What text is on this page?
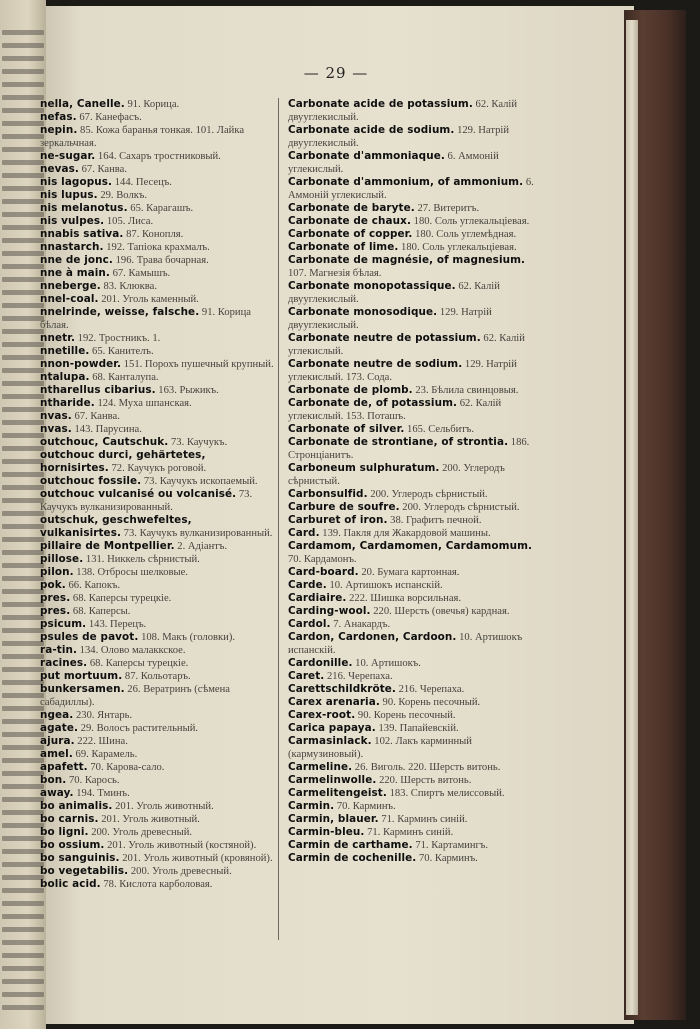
— 29 —
nella, Canelle. 91. Корица.
nefas. 67. Канефасъ.
nepin. 85. Кожа баранья тонкая. 101. Лайка зеркальчная.
ne-sugar. 164. Сахаръ тростниковый.
nevas. 67. Канва.
nis lagopus. 144. Песецъ.
nis lupus. 29. Волкъ.
nis melanotus. 65. Карагашъ.
nis vulpes. 105. Лиса.
nnabis sativa. 87. Конопля.
nnastarch. 192. Тапіока крахмалъ.
nne de jonc. 196. Трава бочарная.
nne à main. 67. Камышъ.
nneberge. 83. Клюква.
nnel-coal. 201. Уголь каменный.
nnelrinde, weisse, falsche. 91. Корица бѣлая.
nnetr. 192. Тростникъ. 1.
nnetille. 65. Канителъ.
nnon-powder. 151. Порохъ пушечный крупный.
ntalupa. 68. Канталупа.
ntharellus cibarius. 163. Рыжикъ.
ntharide. 124. Муха шпанская.
nvas. 67. Канва.
nvas. 143. Парусина.
outchouc, Cautschuk. 73. Каучукъ.
outchouc durci, gehärtetes, hornisirtes. 72. Каучукъ роговой.
outchouc fossile. 73. Каучукъ ископаемый.
outchouc vulcanisé ou volcanisé. 73. Каучукъ вулканизированный.
outschuk, geschwefeltes, vulkanisirtes. 73. Каучукъ вулканизированный.
pillaire de Montpellier. 2. Адіантъ.
pillose. 131. Никкель сѣрнистый.
pilon. 138. Отбросы шелковые.
pok. 66. Капокъ.
pres. 68. Каперсы турецкіе.
pres. 68. Каперсы.
psicum. 143. Перецъ.
psules de pavot. 108. Макъ (головки).
ra-tin. 134. Олово малаккское.
racines. 68. Каперсы турецкіе.
put mortuum. 87. Кольотаръ.
bunkersamen. 26. Вератринъ (сѣмена сабадиллы).
ngea. 230. Янтарь.
agate. 29. Волосъ растительный.
ajura. 222. Шина.
amel. 69. Карамель.
apafett. 70. Карова-сало.
bon. 70. Карось.
away. 194. Тминъ.
bo animalis. 201. Уголь животный.
bo carnis. 201. Уголь животный.
bo ligni. 200. Уголь древесный.
bo ossium. 201. Уголь животный (костяной).
bo sanguinis. 201. Уголь животный (кровяной).
bo vegetabilis. 200. Уголь древесный.
bolic acid. 78. Кислота карболовая.
Carbonate acide de potassium. 62. Калій двууглекислый.
Carbonate acide de sodium. 129. Натрій двууглекислый.
Carbonate d'ammoniaque. 6. Аммоній углекислый.
Carbonate d'ammonium, of ammonium. 6. Аммоній углекислый.
Carbonate de baryte. 27. Витеритъ.
Carbonate de chaux. 180. Соль углекальціевая.
Carbonate of copper. 180. Соль углемѣдная.
Carbonate of lime. 180. Соль углекальціевая.
Carbonate de magnésie, of magnesium. 107. Магнезія бѣлая.
Carbonate monopotassique. 62. Калій двууглекислый.
Carbonate monosodique. 129. Натрій двууглекислый.
Carbonate neutre de potassium. 62. Калій углекислый.
Carbonate neutre de sodium. 129. Натрій углекислый. 173. Сода.
Carbonate de plomb. 23. Бѣлила свинцовыя.
Carbonate de, of potassium. 62. Калій углекислый. 153. Поташъ.
Carbonate of silver. 165. Сельбитъ.
Carbonate de strontiane, of strontia. 186. Стронціанитъ.
Carboneum sulphuratum. 200. Углеродъ сѣрнистый.
Carbonsulfid. 200. Углеродъ сѣрнистый.
Carbure de soufre. 200. Углеродъ сѣрнистый.
Carburet of iron. 38. Графитъ печной.
Card. 139. Пакля для Жакардовой машины.
Cardamom, Cardamomen, Cardamomum. 70. Кардамонъ.
Card-board. 20. Бумага картонная.
Carde. 10. Артишокъ испанскій.
Cardiaire. 222. Шишка ворсильная.
Carding-wool. 220. Шерсть (овечья) кардная.
Cardol. 7. Анакардъ.
Cardon, Cardonen, Cardoon. 10. Артишокъ испанскій.
Cardonille. 10. Артишокъ.
Caret. 216. Черепаха.
Carettschildkröte. 216. Черепаха.
Carex arenaria. 90. Корень песочный.
Carex-root. 90. Корень песочный.
Carica papaya. 139. Папайевскій.
Carmasinlack. 102. Лакъ карминный (кармузиновый).
Carmeline. 26. Виголь. 220. Шерсть витонь.
Carmelinwolle. 220. Шерсть витонь.
Carmelitengeist. 183. Спиртъ мелиссовый.
Carmin. 70. Карминъ.
Carmin, blauer. 71. Карминъ синій.
Carmin-bleu. 71. Карминъ синій.
Carmin de carthame. 71. Картамингъ.
Carmin de cochenille. 70. Карминъ.
